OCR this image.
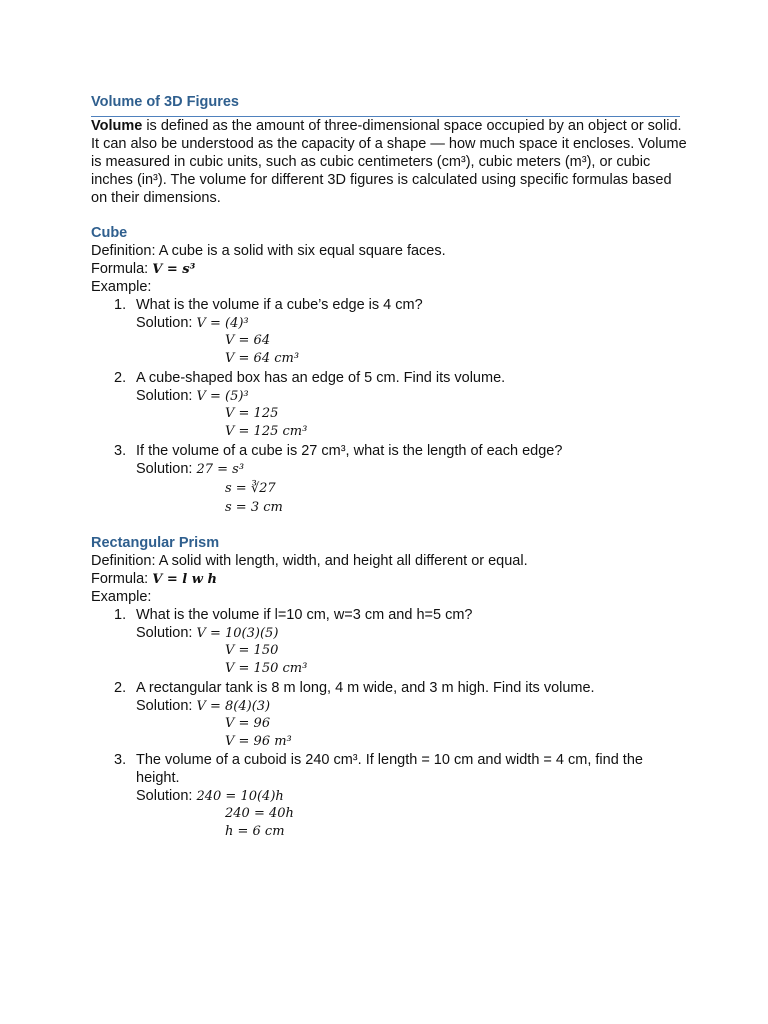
Volume of 3D Figures
Volume is defined as the amount of three-dimensional space occupied by an object or solid. It can also be understood as the capacity of a shape — how much space it encloses. Volume is measured in cubic units, such as cubic centimeters (cm³), cubic meters (m³), or cubic inches (in³). The volume for different 3D figures is calculated using specific formulas based on their dimensions.
Cube
Definition: A cube is a solid with six equal square faces.
Formula: V = s³
Example:
1. What is the volume if a cube’s edge is 4 cm?
Solution: V = (4)³
V = 64
V = 64 cm³
2. A cube-shaped box has an edge of 5 cm. Find its volume.
Solution: V = (5)³
V = 125
V = 125 cm³
3. If the volume of a cube is 27 cm³, what is the length of each edge?
Solution: 27 = s³
s = ∛27
s = 3 cm
Rectangular Prism
Definition: A solid with length, width, and height all different or equal.
Formula: V = l w h
Example:
1. What is the volume if l=10 cm, w=3 cm and h=5 cm?
Solution: V = 10(3)(5)
V = 150
V = 150 cm³
2. A rectangular tank is 8 m long, 4 m wide, and 3 m high. Find its volume.
Solution: V = 8(4)(3)
V = 96
V = 96 m³
3. The volume of a cuboid is 240 cm³. If length = 10 cm and width = 4 cm, find the height.
Solution: 240 = 10(4)h
240 = 40h
h = 6 cm
